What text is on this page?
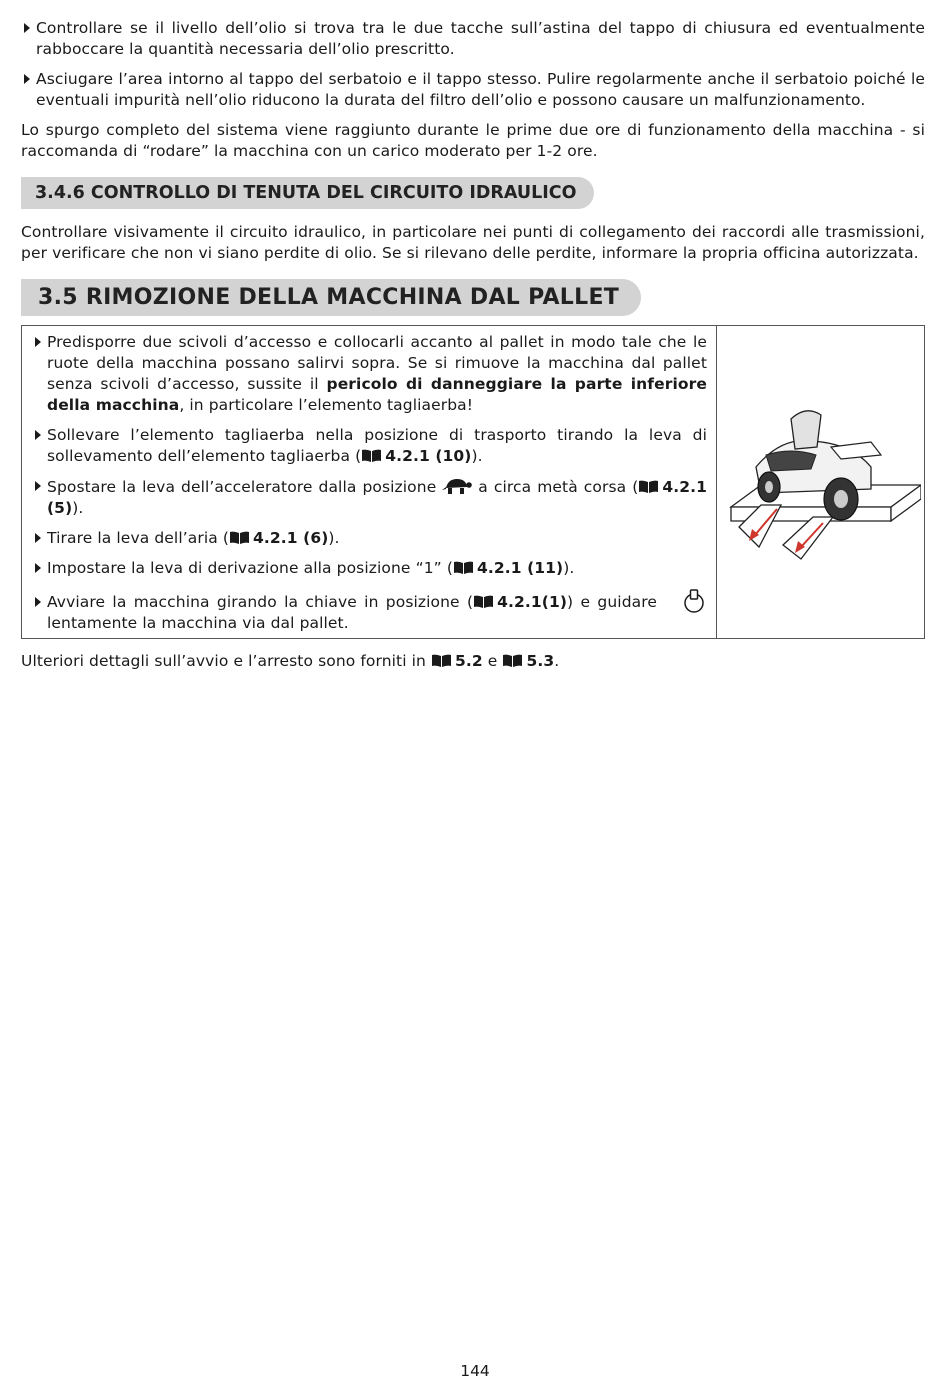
Controllare se il livello dell’olio si trova tra le due tacche sull’astina del tappo di chiusura ed eventualmente rabboccare la quantità necessaria dell’olio prescritto.

Asciugare l’area intorno al tappo del serbatoio e il tappo stesso. Pulire regolarmente anche il serbatoio poiché le eventuali impurità nell’olio riducono la durata del filtro dell’olio e possono causare un malfunzionamento.

Lo spurgo completo del sistema viene raggiunto durante le prime due ore di funzionamento della macchina - si raccomanda di “rodare” la macchina con un carico moderato per 1-2 ore.

3.4.6 CONTROLLO DI TENUTA DEL CIRCUITO IDRAULICO

Controllare visivamente il circuito idraulico, in particolare nei punti di collegamento dei raccordi alle trasmissioni, per verificare che non vi siano perdite di olio. Se si rilevano delle perdite, informare la propria officina autorizzata.

3.5 RIMOZIONE DELLA MACCHINA DAL PALLET

Predisporre due scivoli d’accesso e collocarli accanto al pallet in modo tale che le ruote della macchina possano salirvi sopra. Se si rimuove la macchina dal pallet senza scivoli d’accesso, sussite il pericolo di danneggiare la parte inferiore della macchina, in particolare l’elemento tagliaerba!

Sollevare l’elemento tagliaerba nella posizione di trasporto tirando la leva di sollevamento dell’elemento tagliaerba ( 4.2.1 (10)).

Spostare la leva dell’acceleratore dalla posizione  a circa metà corsa ( 4.2.1 (5)).

Tirare la leva dell’aria ( 4.2.1 (6)).

Impostare la leva di derivazione alla posizione “1” ( 4.2.1 (11)).

Avviare la macchina girando la chiave in posizione ( 4.2.1(1)) e guidare lentamente la macchina via dal pallet.

Ulteriori dettagli sull’avvio e l’arresto sono forniti in 5.2 e 5.3.

144
